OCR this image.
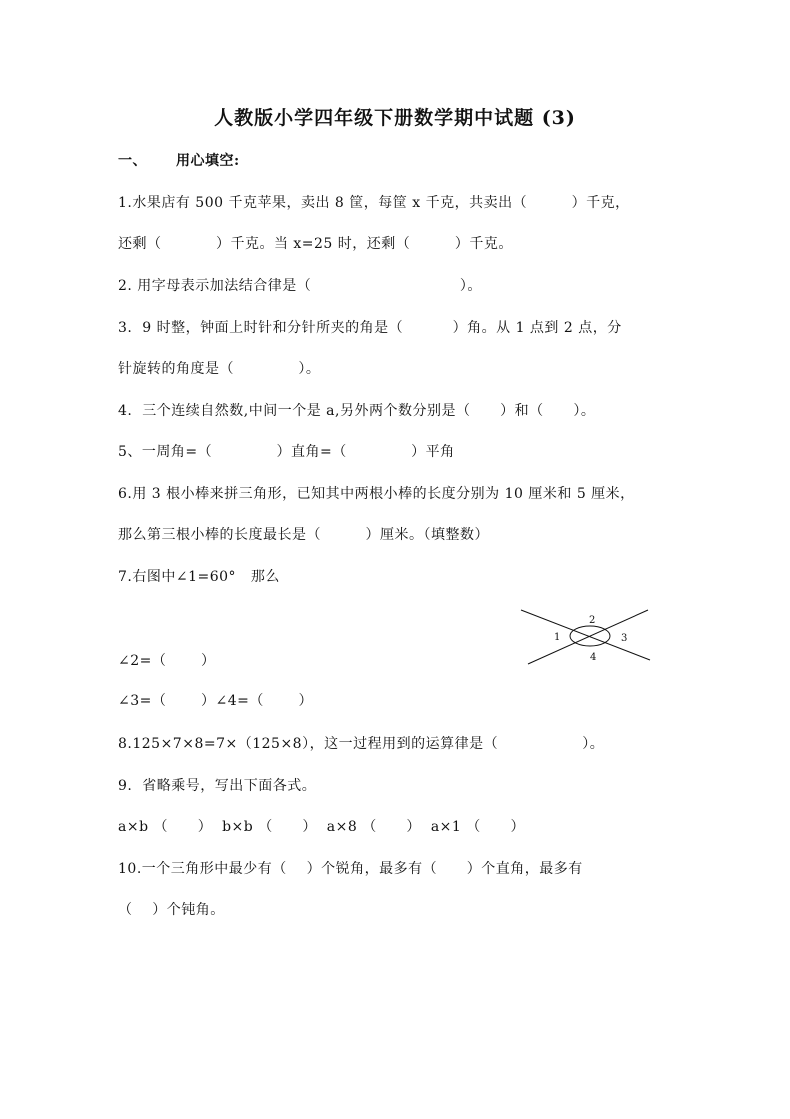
人教版小学四年级下册数学期中试题 (3)
一、 用心填空:
1.水果店有 500 千克苹果，卖出 8 筐，每筐 x 千克，共卖出（         ）千克，
还剩（           ）千克。当 x=25 时，还剩（         ）千克。
2. 用字母表示加法结合律是（                              ）。
3.  9 时整，钟面上时针和分针所夹的角是（          ）角。从 1 点到 2 点，分
针旋转的角度是（             ）。
4.  三个连续自然数,中间一个是 a,另外两个数分别是（      ）和（      ）。
5、一周角=（             ）直角=（             ）平角
6.用 3 根小棒来拼三角形，已知其中两根小棒的长度分别为 10 厘米和 5 厘米，
那么第三根小棒的长度最长是（         ）厘米。（填整数）
7.右图中∠1=60°   那么
∠2=（       ）
∠3=（       ）∠4=（       ）
8.125×7×8=7×（125×8），这一过程用到的运算律是（                 ）。
9.  省略乘号，写出下面各式。
a×b （      ）  b×b （      ）  a×8 （      ）  a×1 （      ）
10.一个三角形中最少有（    ）个锐角，最多有（      ）个直角，最多有
（    ）个钝角。
1
2
3
4
